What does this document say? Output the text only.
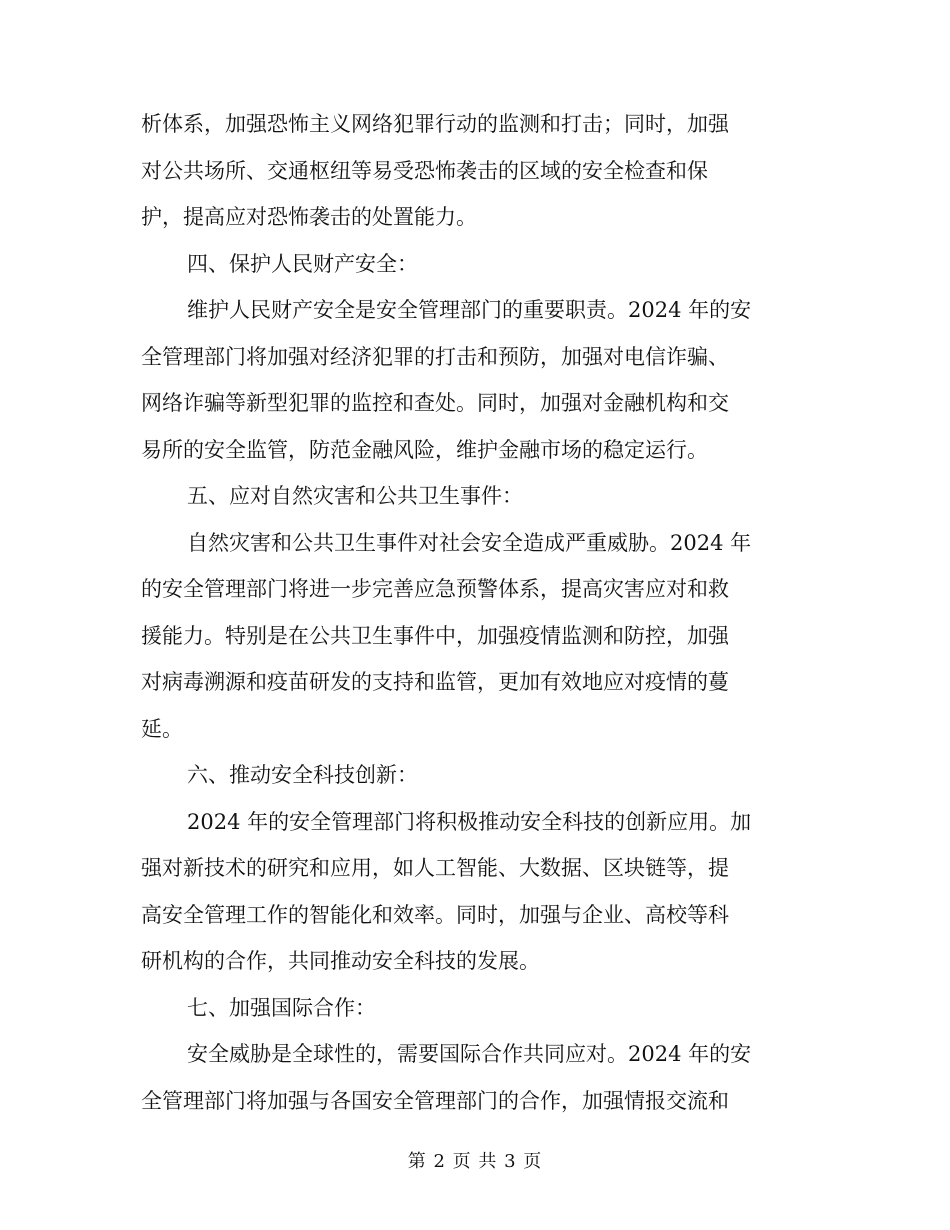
析体系，加强恐怖主义网络犯罪行动的监测和打击；同时，加强
对公共场所、交通枢纽等易受恐怖袭击的区域的安全检查和保
护，提高应对恐怖袭击的处置能力。
四、保护人民财产安全：
维护人民财产安全是安全管理部门的重要职责。2024 年的安
全管理部门将加强对经济犯罪的打击和预防，加强对电信诈骗、
网络诈骗等新型犯罪的监控和查处。同时，加强对金融机构和交
易所的安全监管，防范金融风险，维护金融市场的稳定运行。
五、应对自然灾害和公共卫生事件：
自然灾害和公共卫生事件对社会安全造成严重威胁。2024 年
的安全管理部门将进一步完善应急预警体系，提高灾害应对和救
援能力。特别是在公共卫生事件中，加强疫情监测和防控，加强
对病毒溯源和疫苗研发的支持和监管，更加有效地应对疫情的蔓
延。
六、推动安全科技创新：
2024 年的安全管理部门将积极推动安全科技的创新应用。加
强对新技术的研究和应用，如人工智能、大数据、区块链等，提
高安全管理工作的智能化和效率。同时，加强与企业、高校等科
研机构的合作，共同推动安全科技的发展。
七、加强国际合作：
安全威胁是全球性的，需要国际合作共同应对。2024 年的安
全管理部门将加强与各国安全管理部门的合作，加强情报交流和
第 2 页 共 3 页
